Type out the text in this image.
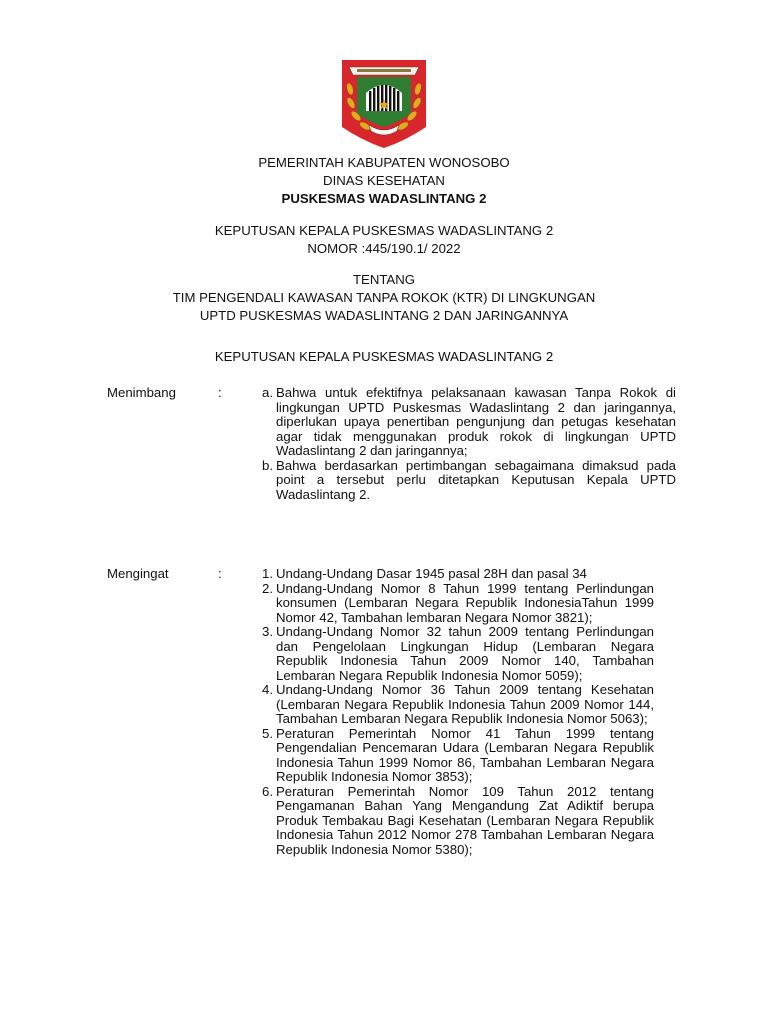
PEMERINTAH KABUPATEN WONOSOBO
DINAS KESEHATAN
PUSKESMAS WADASLINTANG 2
KEPUTUSAN KEPALA PUSKESMAS WADASLINTANG 2
NOMOR :445/190.1/ 2022
TENTANG
TIM PENGENDALI KAWASAN TANPA ROKOK (KTR) DI LINGKUNGAN
UPTD PUSKESMAS WADASLINTANG 2 DAN JARINGANNYA
KEPUTUSAN KEPALA PUSKESMAS WADASLINTANG 2
Menimbang	:	a. Bahwa untuk efektifnya pelaksanaan kawasan Tanpa Rokok di lingkungan UPTD Puskesmas Wadaslintang 2 dan jaringannya, diperlukan upaya penertiban pengunjung dan petugas kesehatan agar tidak menggunakan produk rokok di lingkungan UPTD Wadaslintang 2 dan jaringannya;
b. Bahwa berdasarkan pertimbangan sebagaimana dimaksud pada point a tersebut perlu ditetapkan Keputusan Kepala UPTD Wadaslintang 2.
Mengingat	:	1. Undang-Undang Dasar 1945 pasal 28H dan pasal 34
2. Undang-Undang Nomor 8 Tahun 1999 tentang Perlindungan konsumen (Lembaran Negara Republik IndonesiaTahun 1999 Nomor 42, Tambahan lembaran Negara Nomor 3821);
3. Undang-Undang Nomor 32 tahun 2009 tentang Perlindungan dan Pengelolaan Lingkungan Hidup (Lembaran Negara Republik Indonesia Tahun 2009 Nomor 140, Tambahan Lembaran Negara Republik Indonesia Nomor 5059);
4. Undang-Undang Nomor 36 Tahun 2009 tentang Kesehatan (Lembaran Negara Republik Indonesia Tahun 2009 Nomor 144, Tambahan Lembaran Negara Republik Indonesia Nomor 5063);
5. Peraturan Pemerintah Nomor 41 Tahun 1999 tentang Pengendalian Pencemaran Udara (Lembaran Negara Republik Indonesia Tahun 1999 Nomor 86, Tambahan Lembaran Negara Republik Indonesia Nomor 3853);
6. Peraturan Pemerintah Nomor 109 Tahun 2012 tentang Pengamanan Bahan Yang Mengandung Zat Adiktif berupa Produk Tembakau Bagi Kesehatan (Lembaran Negara Republik Indonesia Tahun 2012 Nomor 278 Tambahan Lembaran Negara Republik Indonesia Nomor 5380);
